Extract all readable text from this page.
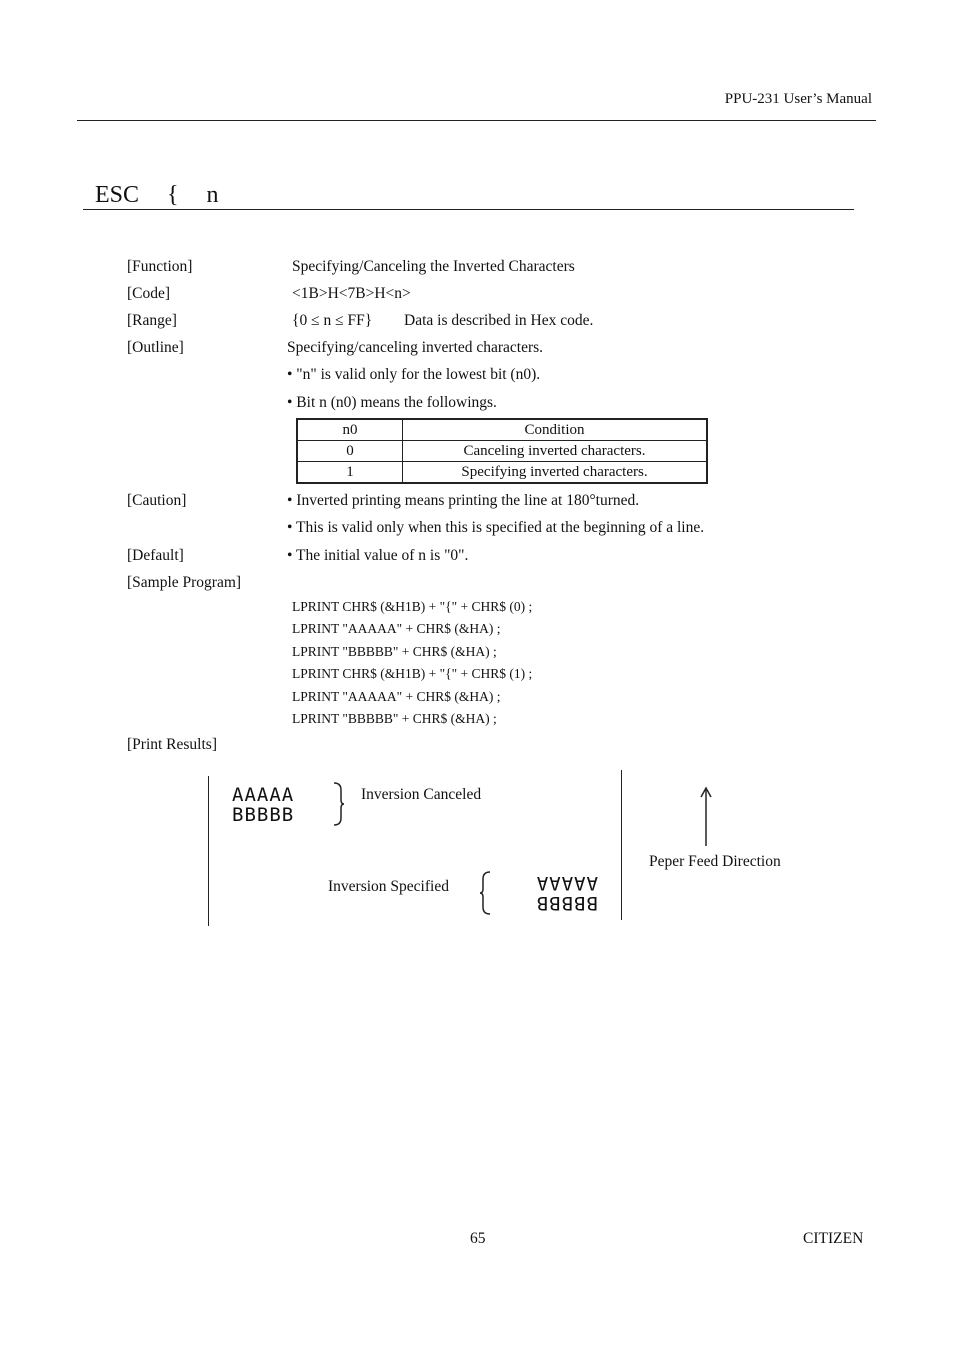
PPU-231 User’s Manual
ESC { n
[Function]	Specifying/Canceling the Inverted Characters
[Code]	<1B>H<7B>H<n>
[Range]	{0 ≤ n ≤ FF} Data is described in Hex code.
[Outline]	Specifying/canceling inverted characters.
• "n" is valid only for the lowest bit (n0).
• Bit n (n0) means the followings.
n0	Condition
0	Canceling inverted characters.
1	Specifying inverted characters.
[Caution]	• Inverted printing means printing the line at 180°turned.
• This is valid only when this is specified at the beginning of a line.
[Default]	• The initial value of n is "0".
[Sample Program]
LPRINT CHR$ (&H1B) + "{" + CHR$ (0) ;
LPRINT "AAAAA" + CHR$ (&HA) ;
LPRINT "BBBBB" + CHR$ (&HA) ;
LPRINT CHR$ (&H1B) + "{" + CHR$ (1) ;
LPRINT "AAAAA" + CHR$ (&HA) ;
LPRINT "BBBBB" + CHR$ (&HA) ;
[Print Results]
AAAAA
BBBBB
Inversion Canceled
Inversion Specified
BBBBB
AAAAA
Peper Feed Direction
65	CITIZEN
